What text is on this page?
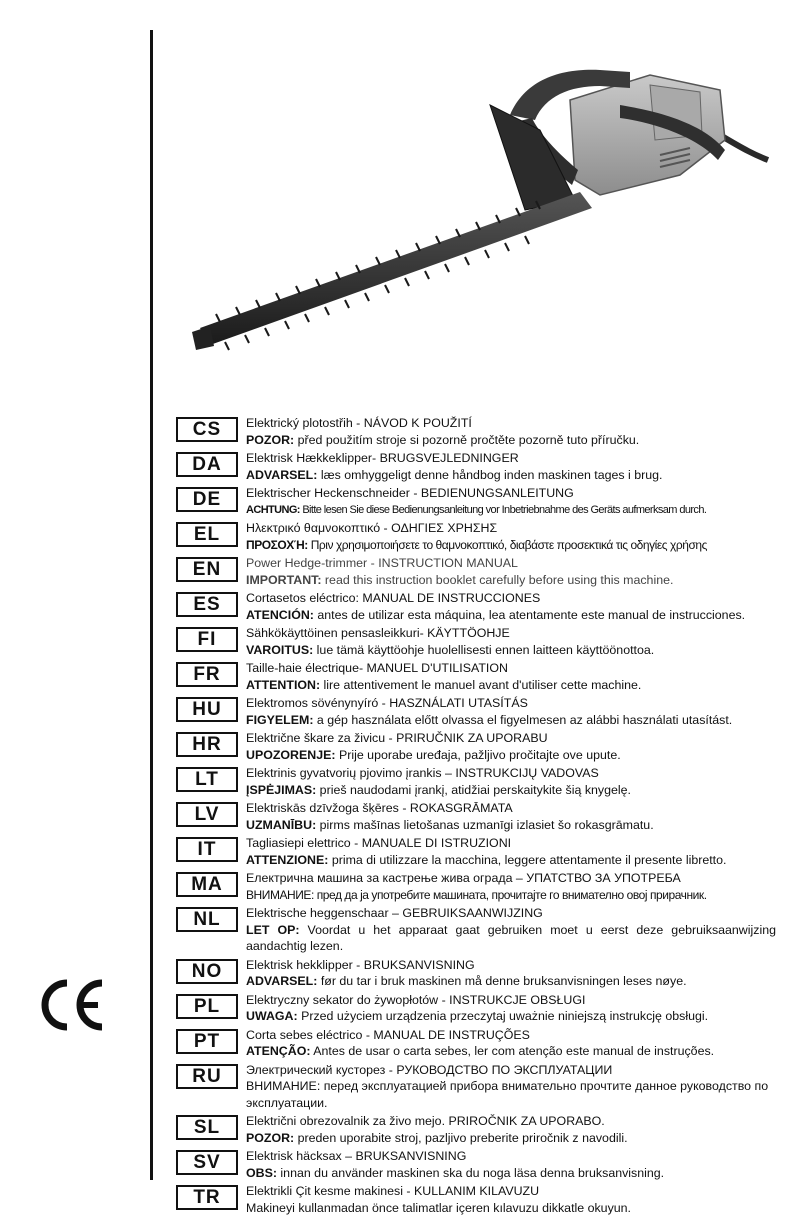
CS	Elektrický plotostřih - NÁVOD K POUŽITÍ
POZOR: před použitím stroje si pozorně pročtěte pozorně tuto příručku.
DA	Elektrisk Hækkeklipper- BRUGSVEJLEDNINGER
ADVARSEL: læs omhyggeligt denne håndbog inden maskinen tages i brug.
DE	Elektrischer Heckenschneider - BEDIENUNGSANLEITUNG
ACHTUNG: Bitte lesen Sie diese Bedienungsanleitung vor Inbetriebnahme des Geräts aufmerksam durch.
EL	Ηλεκτρικό θαμνοκοπτικό - ΟΔΗΓΙΕΣ ΧΡΗΣΗΣ
ΠΡΟΣΟΧΉ: Πριν χρησιμοποιήσετε το θαμνοκοπτικό, διαβάστε προσεκτικά τις οδηγίες χρήσης
EN	Power Hedge-trimmer - INSTRUCTION MANUAL
IMPORTANT: read this instruction booklet carefully before using this machine.
ES	Cortasetos eléctrico: MANUAL DE INSTRUCCIONES
ATENCIÓN: antes de utilizar esta máquina, lea atentamente este manual de instrucciones.
FI	Sähkökäyttöinen pensasleikkuri- KÄYTTÖOHJE
VAROITUS: lue tämä käyttöohje huolellisesti ennen laitteen käyttöönottoa.
FR	Taille-haie électrique- MANUEL D'UTILISATION
ATTENTION: lire attentivement le manuel avant d'utiliser cette machine.
HU	Elektromos sövénynyíró - HASZNÁLATI UTASÍTÁS
FIGYELEM: a gép használata előtt olvassa el figyelmesen az alábbi használati utasítást.
HR	Električne škare za živicu - PRIRUČNIK ZA UPORABU
UPOZORENJE: Prije uporabe uređaja, pažljivo pročitajte ove upute.
LT	Elektrinis gyvatvorių pjovimo įrankis – INSTRUKCIJŲ VADOVAS
ĮSPĖJIMAS: prieš naudodami įrankį, atidžiai perskaitykite šią knygelę.
LV	Elektriskās dzīvžoga šķēres - ROKASGRĀMATA
UZMANĪBU: pirms mašīnas lietošanas uzmanīgi izlasiet šo rokasgrāmatu.
IT	Tagliasiepi elettrico - MANUALE DI ISTRUZIONI
ATTENZIONE: prima di utilizzare la macchina, leggere attentamente il presente libretto.
MA	Електрична машина за кастрење жива ограда – УПАТСТВО ЗА УПОТРЕБА
ВНИМАНИЕ: пред да ја употребите машината, прочитајте го внимателно овој прирачник.
NL	Elektrische heggenschaar – GEBRUIKSAANWIJZING
LET OP: Voordat u het apparaat gaat gebruiken moet u eerst deze gebruiksaanwijzing aandachtig lezen.
NO	Elektrisk hekklipper - BRUKSANVISNING
ADVARSEL: før du tar i bruk maskinen må denne bruksanvisningen leses nøye.
PL	Elektryczny sekator do żywopłotów - INSTRUKCJE OBSŁUGI
UWAGA: Przed użyciem urządzenia przeczytaj uważnie niniejszą instrukcję obsługi.
PT	Corta sebes eléctrico - MANUAL DE INSTRUÇÕES
ATENÇÃO: Antes de usar o carta sebes, ler com atenção este manual de instruções.
RU	Электрический кусторез - РУКОВОДСТВО ПО ЭКСПЛУАТАЦИИ
ВНИМАНИЕ: перед эксплуатацией прибора внимательно прочтите данное руководство по эксплуатации.
SL	Električni obrezovalnik za živo mejo. PRIROČNIK ZA UPORABO.
POZOR: preden uporabite stroj, pazljivo preberite priročnik z navodili.
SV	Elektrisk häcksax – BRUKSANVISNING
OBS: innan du använder maskinen ska du noga läsa denna bruksanvisning.
TR	Elektrikli Çit kesme makinesi - KULLANIM KILAVUZU
Makineyi kullanmadan önce talimatlar içeren kılavuzu dikkatle okuyun.
